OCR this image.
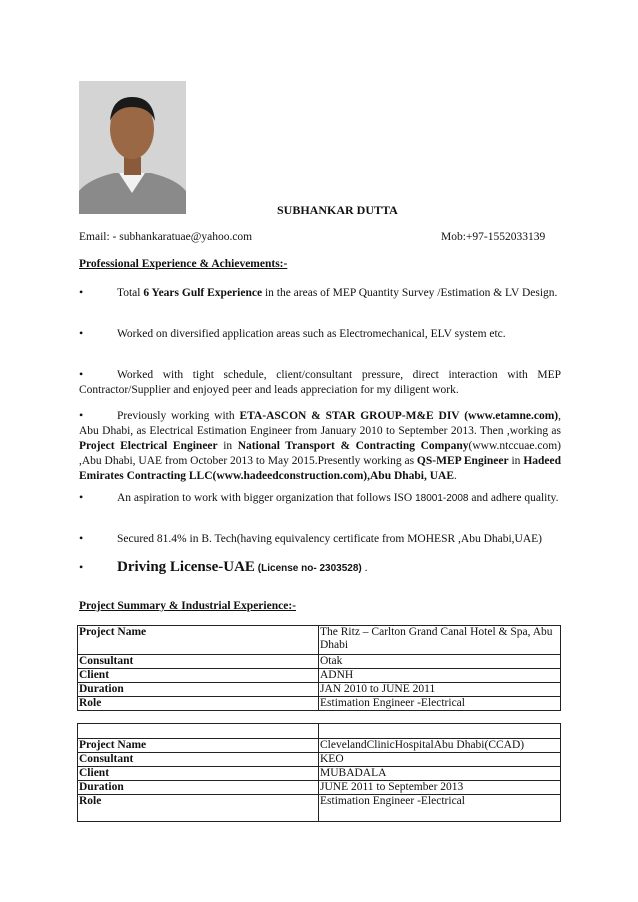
SUBHANKAR DUTTA
Email: - subhankaratuae@yahoo.com	Mob:+97-1552033139
Professional Experience & Achievements:-

•	Total 6 Years Gulf Experience in the areas of MEP Quantity Survey /Estimation & LV Design.

•	Worked on diversified application areas such as Electromechanical, ELV system etc.

•	Worked with tight schedule, client/consultant pressure, direct interaction with MEP Contractor/Supplier and enjoyed peer and leads appreciation for my diligent work.

•	Previously working with ETA-ASCON & STAR GROUP-M&E DIV (www.etamne.com), Abu Dhabi, as Electrical Estimation Engineer from January 2010 to September 2013. Then ,working as Project Electrical Engineer in National Transport & Contracting Company(www.ntccuae.com) ,Abu Dhabi, UAE from October 2013 to May 2015.Presently working as QS-MEP Engineer in Hadeed Emirates Contracting LLC(www.hadeedconstruction.com),Abu Dhabi, UAE.

•	An aspiration to work with bigger organization that follows ISO 18001-2008 and adhere quality.

•	Secured 81.4% in B. Tech(having equivalency certificate from MOHESR ,Abu Dhabi,UAE)

• Driving License-UAE (License no- 2303528) .

Project Summary & Industrial Experience:-
Project Name	The Ritz – Carlton Grand Canal Hotel & Spa, Abu Dhabi
Consultant	Otak
Client	ADNH
Duration	JAN 2010 to JUNE 2011
Role	Estimation Engineer -Electrical

Project Name	ClevelandClinicHospitalAbu Dhabi(CCAD)
Consultant	KEO
Client	MUBADALA
Duration	JUNE 2011 to September 2013
Role	Estimation Engineer -Electrical
